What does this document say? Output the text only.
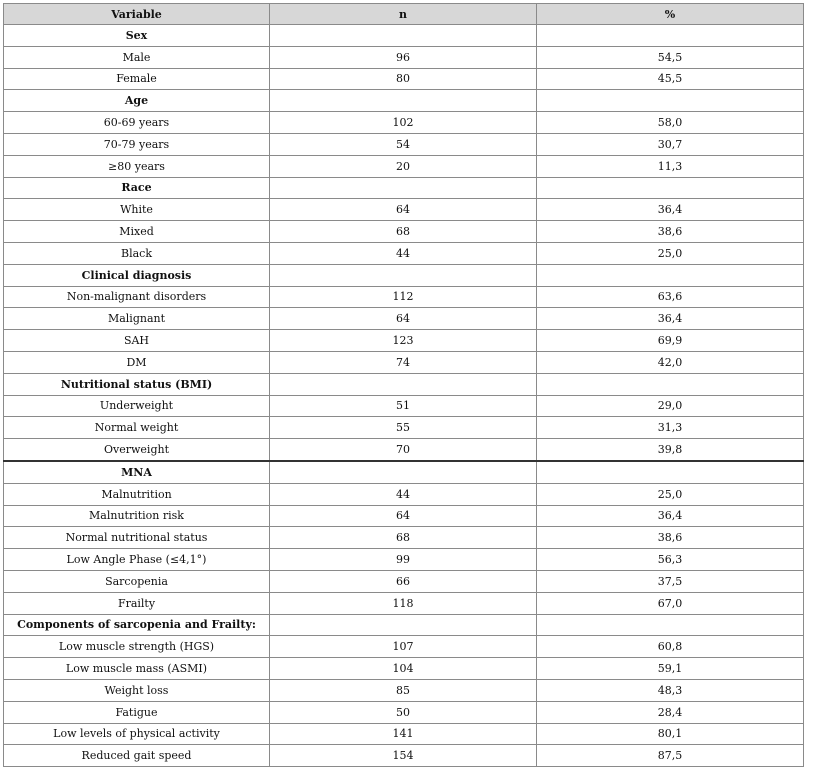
Variable	n	%
Sex		
Male	96	54,5
Female	80	45,5
Age		
60-69 years	102	58,0
70-79 years	54	30,7
≥80 years	20	11,3
Race		
White	64	36,4
Mixed	68	38,6
Black	44	25,0
Clinical diagnosis		
Non-malignant disorders	112	63,6
Malignant	64	36,4
SAH	123	69,9
DM	74	42,0
Nutritional status (BMI)		
Underweight	51	29,0
Normal weight	55	31,3
Overweight	70	39,8
MNA		
Malnutrition	44	25,0
Malnutrition risk	64	36,4
Normal nutritional status	68	38,6
Low Angle Phase (≤4,1°)	99	56,3
Sarcopenia	66	37,5
Frailty	118	67,0
Components of sarcopenia and Frailty:		
Low muscle strength (HGS)	107	60,8
Low muscle mass (ASMI)	104	59,1
Weight loss	85	48,3
Fatigue	50	28,4
Low levels of physical activity	141	80,1
Reduced gait speed	154	87,5
